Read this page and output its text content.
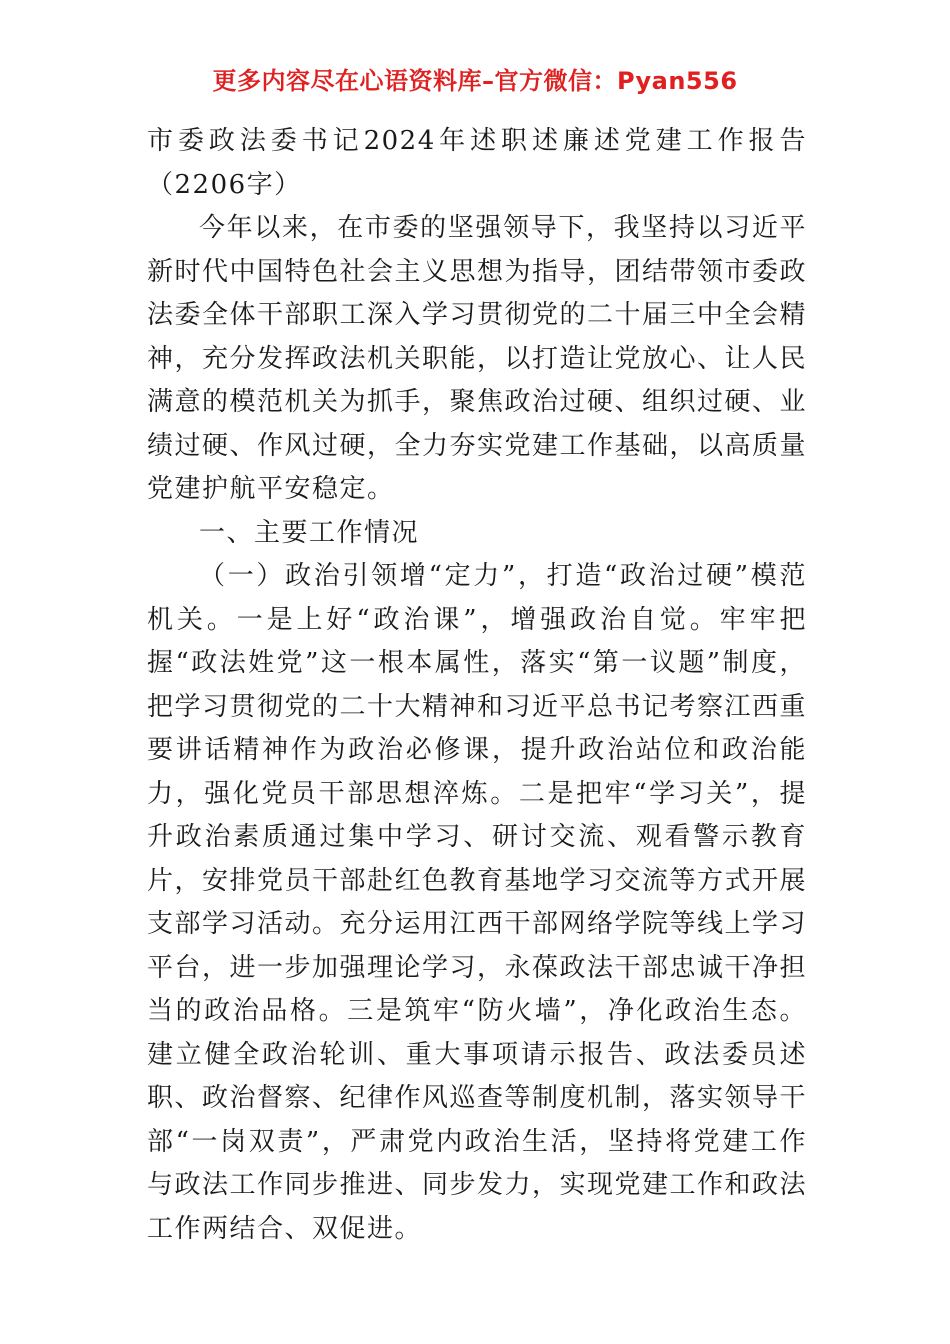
更多内容尽在心语资料库–官方微信：Pyan556

市委政法委书记2024年述职述廉述党建工作报告（2206字）

今年以来，在市委的坚强领导下，我坚持以习近平新时代中国特色社会主义思想为指导，团结带领市委政法委全体干部职工深入学习贯彻党的二十届三中全会精神，充分发挥政法机关职能，以打造让党放心、让人民满意的模范机关为抓手，聚焦政治过硬、组织过硬、业绩过硬、作风过硬，全力夯实党建工作基础，以高质量党建护航平安稳定。

一、主要工作情况

（一）政治引领增“定力”，打造“政治过硬”模范机关。一是上好“政治课”，增强政治自觉。牢牢把握“政法姓党”这一根本属性，落实“第一议题”制度，把学习贯彻党的二十大精神和习近平总书记考察江西重要讲话精神作为政治必修课，提升政治站位和政治能力，强化党员干部思想淬炼。二是把牢“学习关”，提升政治素质通过集中学习、研讨交流、观看警示教育片，安排党员干部赴红色教育基地学习交流等方式开展支部学习活动。充分运用江西干部网络学院等线上学习平台，进一步加强理论学习，永葆政法干部忠诚干净担当的政治品格。三是筑牢“防火墙”，净化政治生态。建立健全政治轮训、重大事项请示报告、政法委员述职、政治督察、纪律作风巡查等制度机制，落实领导干部“一岗双责”，严肃党内政治生活，坚持将党建工作与政法工作同步推进、同步发力，实现党建工作和政法工作两结合、双促进。
